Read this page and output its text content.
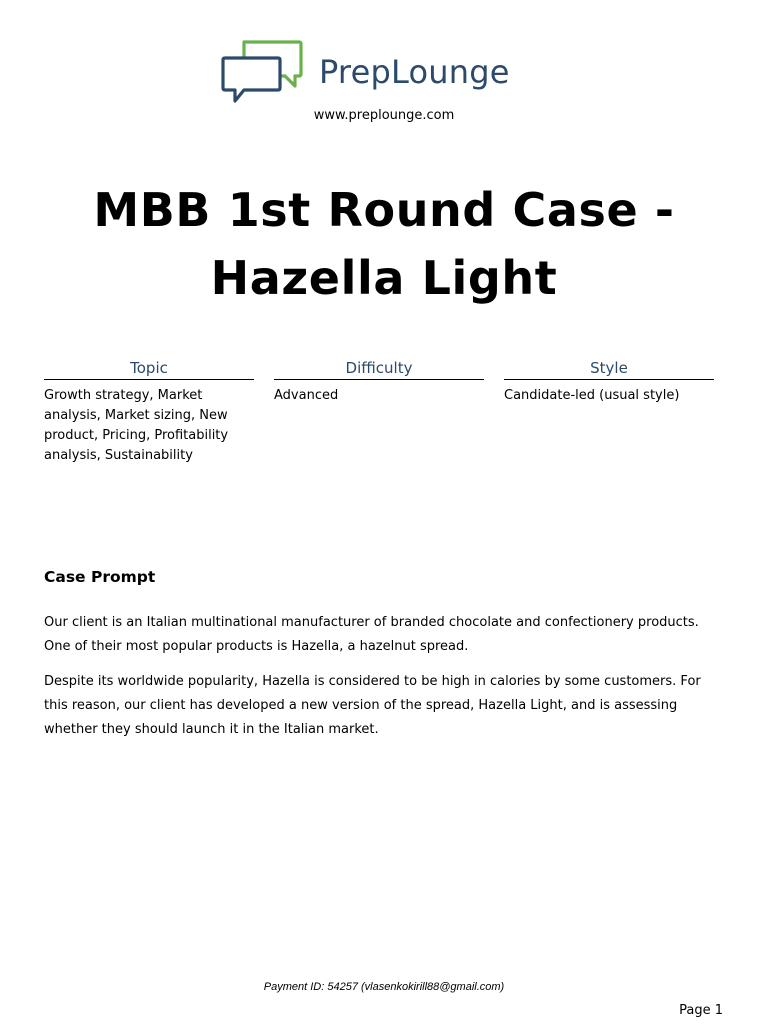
PrepLounge
www.preplounge.com
MBB 1st Round Case -
Hazella Light
Topic
Growth strategy, Market analysis, Market sizing, New product, Pricing, Profitability analysis, Sustainability
Difficulty
Advanced
Style
Candidate-led (usual style)
Case Prompt

Our client is an Italian multinational manufacturer of branded chocolate and confectionery products. One of their most popular products is Hazella, a hazelnut spread.

Despite its worldwide popularity, Hazella is considered to be high in calories by some customers. For this reason, our client has developed a new version of the spread, Hazella Light, and is assessing whether they should launch it in the Italian market.

Payment ID: 54257 (vlasenkokirill88@gmail.com)
Page 1
